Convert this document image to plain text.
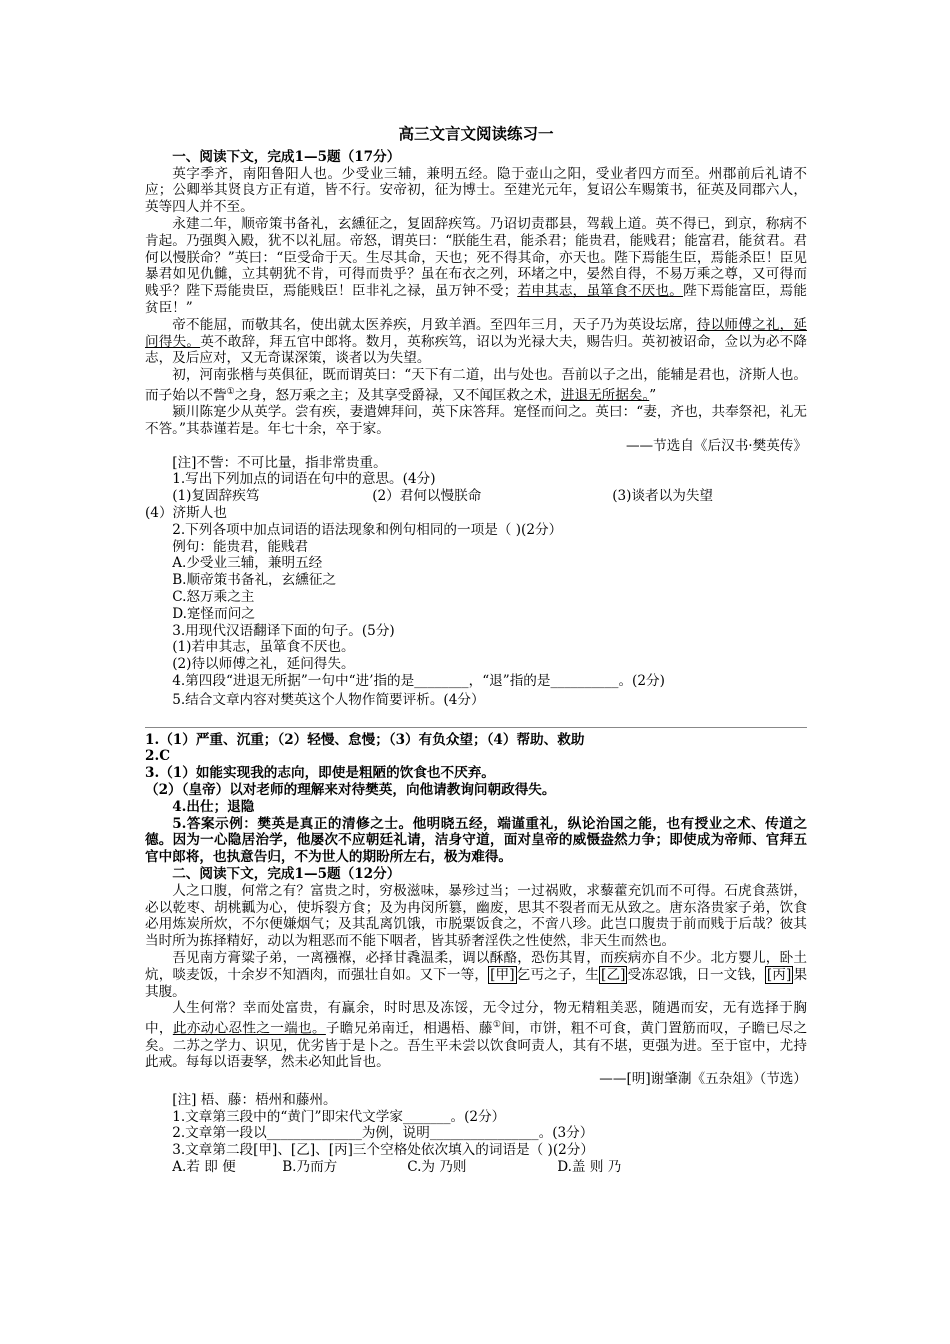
高三文言文阅读练习一
一、阅读下文，完成1—5题（17分）
英字季齐，南阳鲁阳人也。少受业三辅，兼明五经。隐于壶山之阳，受业者四方而至。州郡前后礼请不应；公卿举其贤良方正有道，皆不行。安帝初，征为博士。至建光元年，复诏公车赐策书，征英及同郡六人，英等四人并不至。
永建二年，顺帝策书备礼，玄纁征之，复固辞疾笃。乃诏切责郡县，驾载上道。英不得已，到京，称病不肯起。乃强舆入殿，犹不以礼屈。帝怒，谓英曰：“朕能生君，能杀君；能贵君，能贱君；能富君，能贫君。君何以慢朕命？”英曰：“臣受命于天。生尽其命，天也；死不得其命，亦天也。陛下焉能生臣，焉能杀臣！臣见暴君如见仇雠，立其朝犹不肯，可得而贵乎？虽在布衣之列，环堵之中，晏然自得，不易万乘之尊，又可得而贱乎？陛下焉能贵臣，焉能贱臣！臣非礼之禄，虽万钟不受；若申其志，虽箪食不厌也。陛下焉能富臣，焉能贫臣！”
帝不能屈，而敬其名，使出就太医养疾，月致羊酒。至四年三月，天子乃为英设坛席，待以师傅之礼，延问得失。英不敢辞，拜五官中郎将。数月，英称疾笃，诏以为光禄大夫，赐告归。英初被诏命，佥以为必不降志，及后应对，又无奇谋深策，谈者以为失望。
初，河南张楷与英俱征，既而谓英曰：“天下有二道，出与处也。吾前以子之出，能辅是君也，济斯人也。而子始以不訾①之身，怒万乘之主；及其享受爵禄，又不闻匡救之术，进退无所据矣。”
颍川陈寔少从英学。尝有疾，妻遣婢拜问，英下床答拜。寔怪而问之。英曰：“妻，齐也，共奉祭祀，礼无不答。”其恭谨若是。年七十余，卒于家。
——节选自《后汉书·樊英传》
[注]不訾：不可比量，指非常贵重。
1.写出下列加点的词语在句中的意思。(4分)
(1)复固辞疾笃	(2）君何以慢朕命	(3)谈者以为失望
(4）济斯人也
2.下列各项中加点词语的语法现象和例句相同的一项是（ )(2分）
例句：能贵君，能贱君
A.少受业三辅，兼明五经
B.顺帝策书备礼，玄纁征之
C.怒万乘之主
D.寔怪而问之
3.用现代汉语翻译下面的句子。(5分)
(1)若申其志，虽箪食不厌也。
(2)待以师傅之礼，延问得失。
4.第四段“进退无所据”一句中“进’指的是________，“退”指的是__________。(2分)
5.结合文章内容对樊英这个人物作简要评析。(4分）
1.（1）严重、沉重；（2）轻慢、怠慢；（3）有负众望；（4）帮助、救助
2.C
3.（1）如能实现我的志向，即使是粗陋的饮食也不厌弃。
（2）（皇帝）以对老师的理解来对待樊英，向他请教询问朝政得失。
4.出仕；退隐
5.答案示例：樊英是真正的清修之士。他明晓五经，端谨重礼，纵论治国之能，也有授业之术、传道之德。因为一心隐居治学，他屡次不应朝廷礼请，洁身守道，面对皇帝的威慑盎然力争；即使成为帝师、官拜五官中郎将，也执意告归，不为世人的期盼所左右，极为难得。
二、阅读下文，完成1—5题（12分）
人之口腹，何常之有？富贵之时，穷极滋味，暴殄过当；一过祸败，求藜藿充饥而不可得。石虎食蒸饼，必以乾枣、胡桃瓤为心，使坼裂方食；及为冉闵所篡，幽废，思其不裂者而无从致之。唐东洛贵家子弟，饮食必用炼炭所炊，不尔便嫌烟气；及其乱离饥饿，市脱粟饭食之，不啻八珍。此岂口腹贵于前而贱于后哉？彼其当时所为拣择精好，动以为粗恶而不能下咽者，皆其骄奢淫佚之性使然，非天生而然也。
吾见南方膏粱子弟，一离襁褓，必择甘毳温柔，调以酥酪，恐伤其胃，而疾病亦自不少。北方婴儿，卧土炕，啖麦饭，十余岁不知酒肉，而强壮自如。又下一等， [甲] 乞丐之子，生 [乙] 受冻忍饿，日一文钱， [丙] 果其腹。
人生何常？幸而处富贵，有赢余，时时思及冻馁，无令过分，物无精粗美恶，随遇而安，无有选择于胸中，此亦动心忍性之一端也。子瞻兄弟南迁，相遇梧、藤①间，市饼，粗不可食，黄门置筋而叹，子瞻已尽之矣。二苏之学力、识见，优劣皆于是卜之。吾生平未尝以饮食呵责人，其有不堪，更强为进。至于宦中，尤持此戒。每每以语妻孥，然未必知此旨也。
——[明]谢肇淛《五杂俎》（节选）
[注] 梧、藤：梧州和藤州。
1.文章第三段中的“黄门”即宋代文学家_______。(2分）
2.文章第一段以______________为例，说明________________。(3分）
3.文章第二段[甲]、[乙]、[丙]三个空格处依次填入的词语是（ )(2分）
A.若 即 便	B.乃而方	C.为 乃则	D.盖 则 乃
